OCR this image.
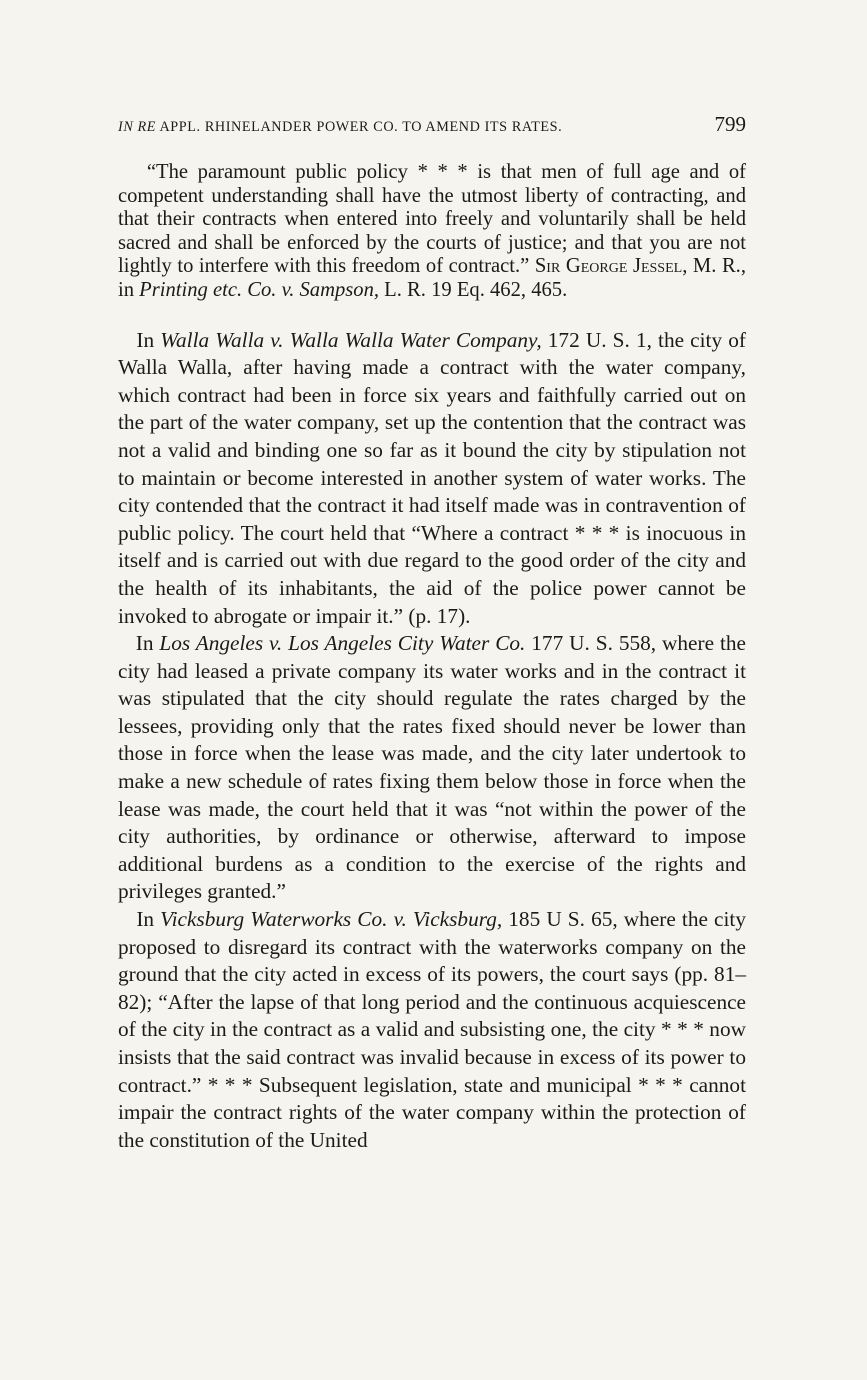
IN RE APPL. RHINELANDER POWER CO. TO AMEND ITS RATES.	799

“The paramount public policy * * * is that men of full age and of competent understanding shall have the utmost liberty of contracting, and that their contracts when entered into freely and voluntarily shall be held sacred and shall be enforced by the courts of justice; and that you are not lightly to interfere with this freedom of contract.” Sir George Jessel, M. R., in Printing etc. Co. v. Sampson, L. R. 19 Eq. 462, 465.

In Walla Walla v. Walla Walla Water Company, 172 U. S. 1, the city of Walla Walla, after having made a contract with the water company, which contract had been in force six years and faithfully carried out on the part of the water company, set up the contention that the contract was not a valid and binding one so far as it bound the city by stipulation not to maintain or become interested in another system of water works. The city contended that the contract it had itself made was in contravention of public policy. The court held that “Where a contract * * * is inocuous in itself and is carried out with due regard to the good order of the city and the health of its inhabitants, the aid of the police power cannot be invoked to abrogate or impair it.” (p. 17).

In Los Angeles v. Los Angeles City Water Co. 177 U. S. 558, where the city had leased a private company its water works and in the contract it was stipulated that the city should regulate the rates charged by the lessees, providing only that the rates fixed should never be lower than those in force when the lease was made, and the city later undertook to make a new schedule of rates fixing them below those in force when the lease was made, the court held that it was “not within the power of the city authorities, by ordinance or otherwise, afterward to impose additional burdens as a condition to the exercise of the rights and privileges granted.”

In Vicksburg Waterworks Co. v. Vicksburg, 185 U S. 65, where the city proposed to disregard its contract with the waterworks company on the ground that the city acted in excess of its powers, the court says (pp. 81–82); “After the lapse of that long period and the continuous acquiescence of the city in the contract as a valid and subsisting one, the city * * * now insists that the said contract was invalid because in excess of its power to contract.” * * * Subsequent legislation, state and municipal * * * cannot impair the contract rights of the water company within the protection of the constitution of the United
